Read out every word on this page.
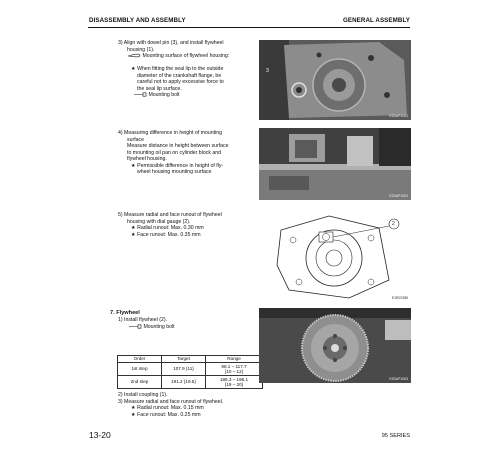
DISASSEMBLY AND ASSEMBLY	GENERAL ASSEMBLY
3) Align with dowel pin (3), and install flywheel
housing (1).
Mounting surface of flywheel housing:
★ When fitting the seal lip to the outside
diameter of the crankshaft flange, be
careful not to apply excessive force to
the seal lip surface.
Mounting bolt
3
E2DAP1001
4) Measuring difference in height of mounting
surface
Measure distance in height between surface
to mounting oil pan on cylinder block and
flywheel housing.
★ Permissible difference in height of fly-
wheel housing mounting surface
E2DAP1002
5) Measure radial and face runout of flywheel
housing with dial gauge (2).
★ Radial runout: Max. 0.30 mm
★ Face runout: Max. 0.35 mm
2
E1R07289
7. Flywheel
1) Install flywheel (2).
Mounting bolt
Order	Target	Range
1st step	107.9 {11}	98.1 – 117.7
{10 – 12}
2nd step	191.2 {19.5}	186.3 – 196.1
{19 – 20}
2) Install coupling (1).
3) Measure radial and face runout of flywheel.
★ Radial runout: Max. 0.15 mm
★ Face runout: Max. 0.25 mm
E2DAP1003
13-20	95 SERIES
